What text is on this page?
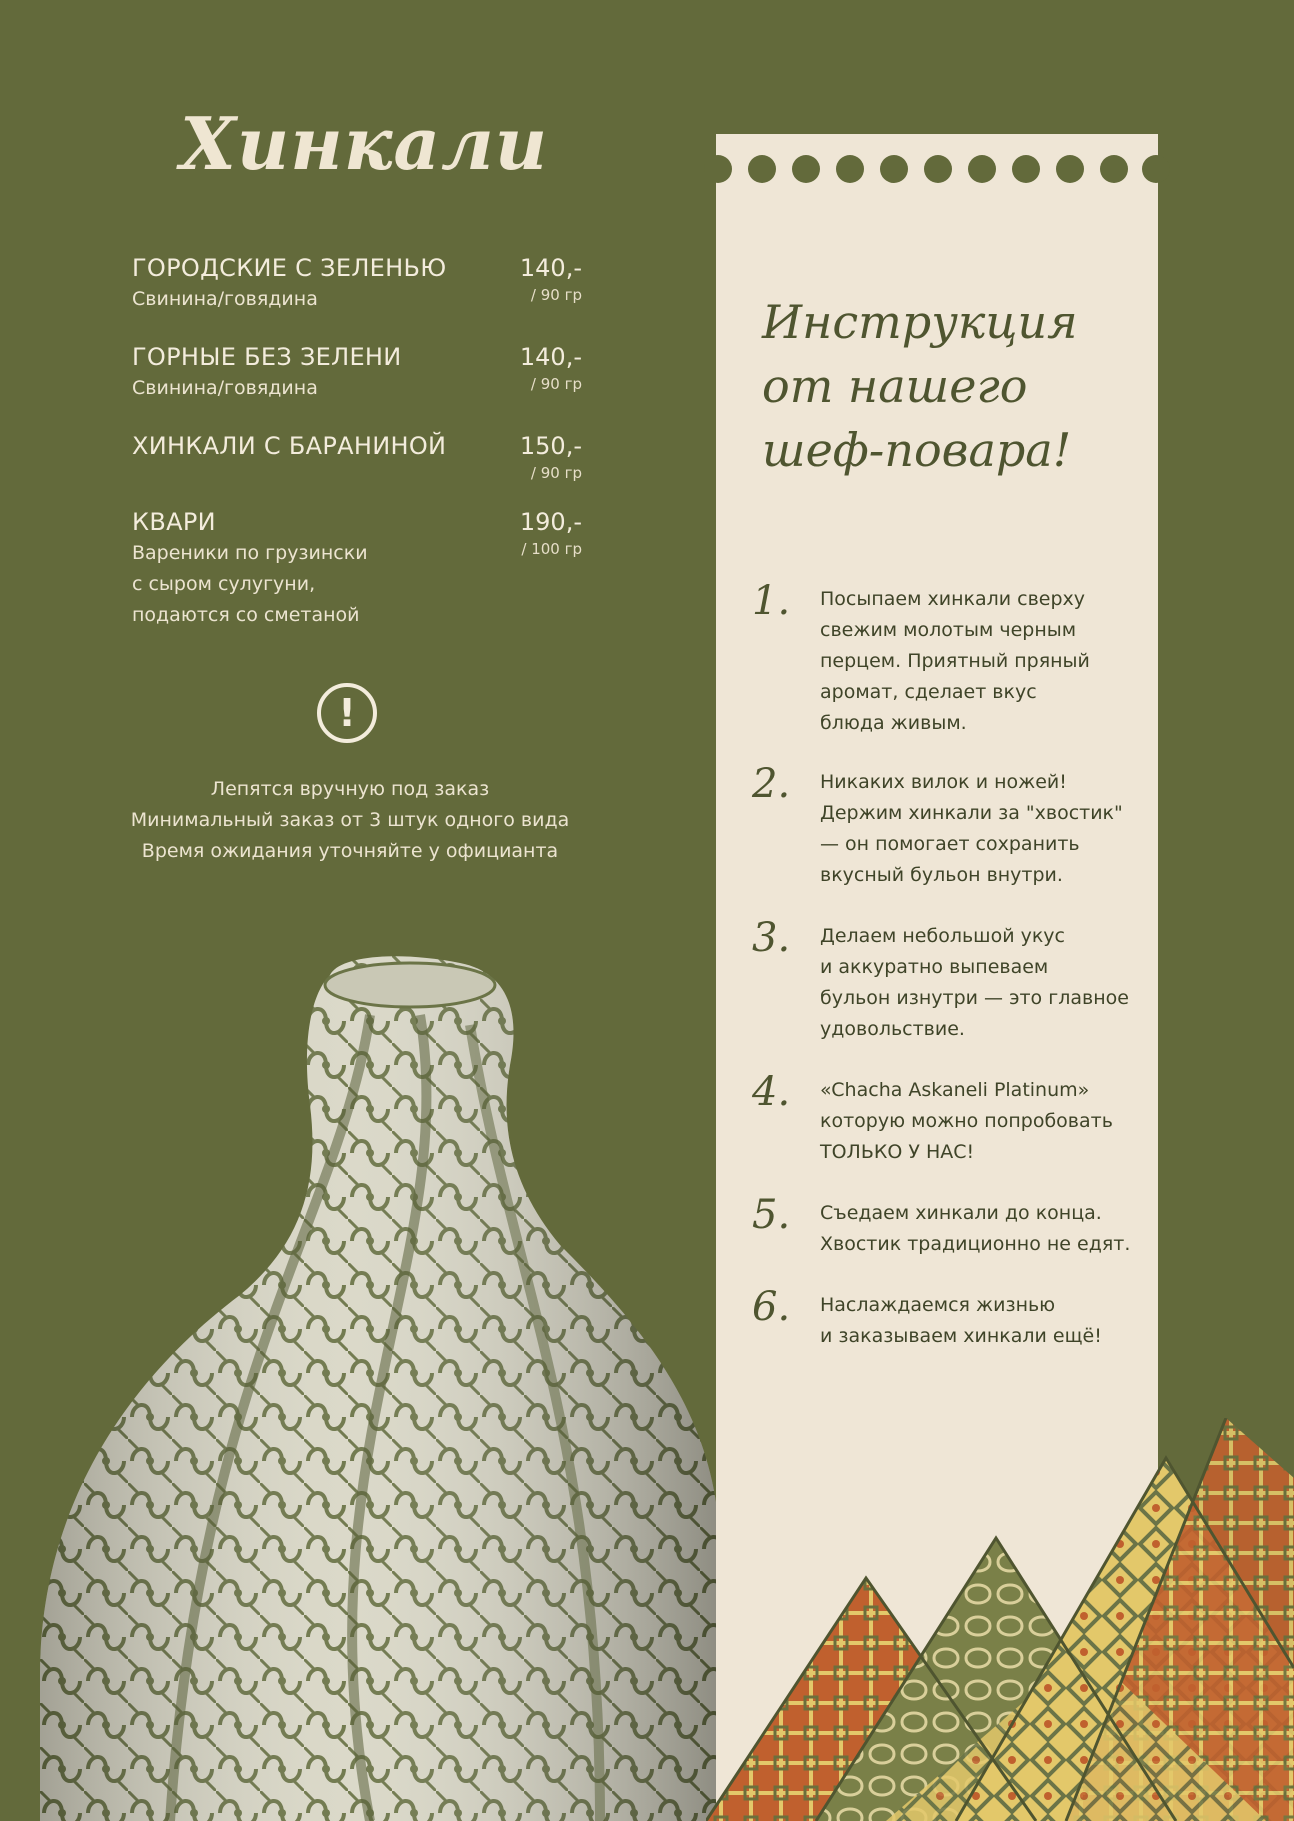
Хинкали
ГОРОДСКИЕ С ЗЕЛЕНЬЮ
Свинина/говядина
140,-
/ 90 гр
ГОРНЫЕ БЕЗ ЗЕЛЕНИ
Свинина/говядина
140,-
/ 90 гр
ХИНКАЛИ С БАРАНИНОЙ	150,-
/ 90 гр
КВАРИ
Вареники по грузински
с сыром сулугуни,
подаются со сметаной
190,-
/ 100 гр
!
Лепятся вручную под заказ
Минимальный заказ от 3 штук одного вида
Время ожидания уточняйте у официанта
Инструкция от нашего шеф-повара!
1.	Посыпаем хинкали сверху
свежим молотым черным
перцем. Приятный пряный
аромат, сделает вкус
блюда живым.
2.	Никаких вилок и ножей!
Держим хинкали за "хвостик"
— он помогает сохранить
вкусный бульон внутри.
3.	Делаем небольшой укус
и аккуратно выпеваем
бульон изнутри — это главное
удовольствие.
4.	«Chacha Askaneli Platinum»
которую можно попробовать
ТОЛЬКО У НАС!
5.	Съедаем хинкали до конца.
Хвостик традиционно не едят.
6.	Наслаждаемся жизнью
и заказываем хинкали ещё!
